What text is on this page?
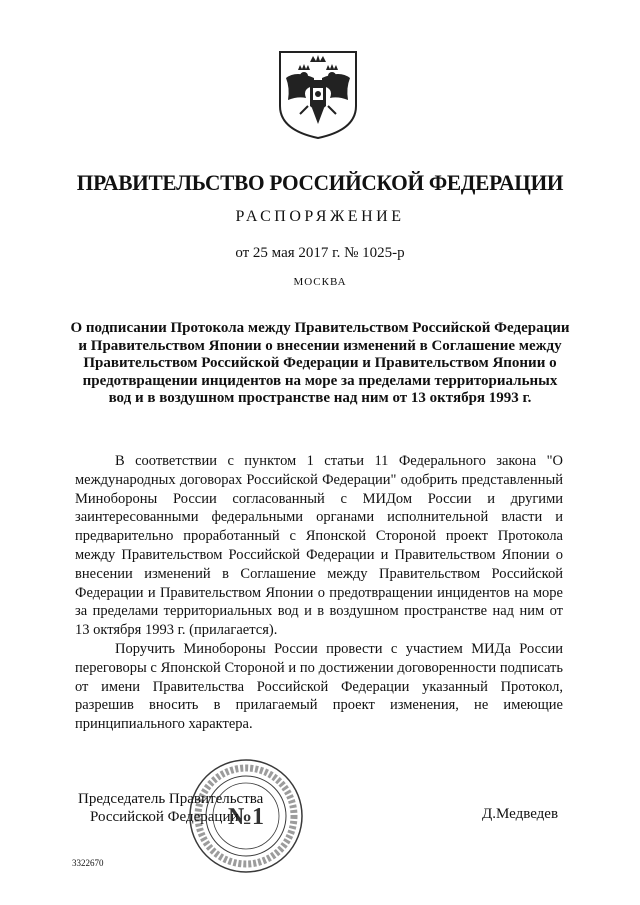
ПРАВИТЕЛЬСТВО РОССИЙСКОЙ ФЕДЕРАЦИИ
РАСПОРЯЖЕНИЕ
от 25 мая 2017 г. № 1025-р
МОСКВА
О подписании Протокола между Правительством Российской Федерации и Правительством Японии о внесении изменений в Соглашение между Правительством Российской Федерации и Правительством Японии о предотвращении инцидентов на море за пределами территориальных вод и в воздушном пространстве над ним от 13 октября 1993 г.

В соответствии с пунктом 1 статьи 11 Федерального закона "О международных договорах Российской Федерации" одобрить представленный Минобороны России согласованный с МИДом России и другими заинтересованными федеральными органами исполнительной власти и предварительно проработанный с Японской Стороной проект Протокола между Правительством Российской Федерации и Правительством Японии о внесении изменений в Соглашение между Правительством Российской Федерации и Правительством Японии о предотвращении инцидентов на море за пределами территориальных вод и в воздушном пространстве над ним от 13 октября 1993 г. (прилагается).

Поручить Минобороны России провести с участием МИДа России переговоры с Японской Стороной и по достижении договоренности подписать от имени Правительства Российской Федерации указанный Протокол, разрешив вносить в прилагаемый проект изменения, не имеющие принципиального характера.

№1
Председатель Правительства
Российской Федерации	Д.Медведев
3322670
